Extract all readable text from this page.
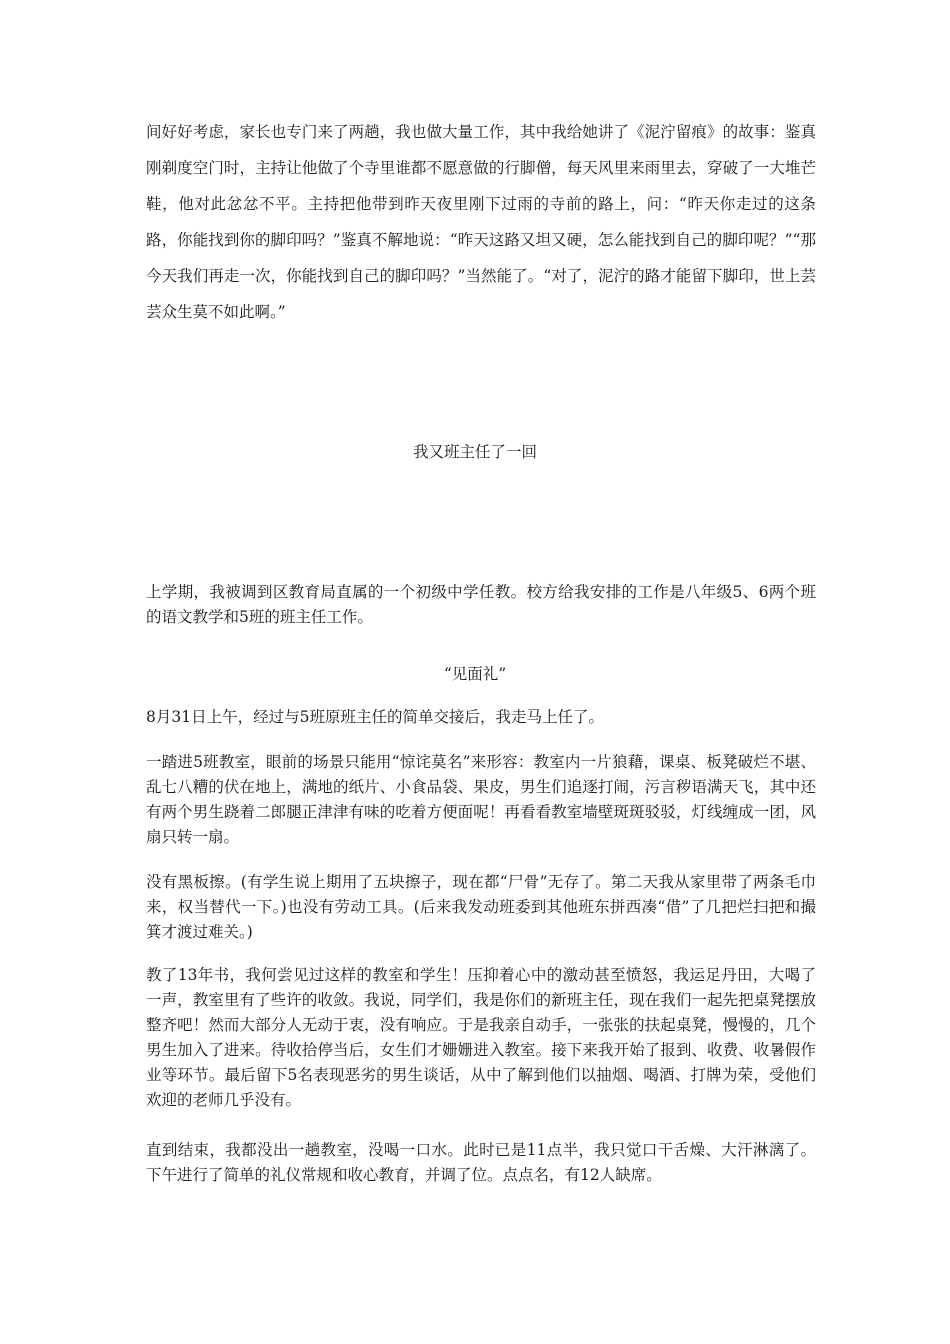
间好好考虑，家长也专门来了两趟，我也做大量工作，其中我给她讲了《泥泞留痕》的故事：鉴真刚剃度空门时，主持让他做了个寺里谁都不愿意做的行脚僧，每天风里来雨里去，穿破了一大堆芒鞋，他对此忿忿不平。主持把他带到昨天夜里刚下过雨的寺前的路上，问：“昨天你走过的这条路，你能找到你的脚印吗？”鉴真不解地说：“昨天这路又坦又硬，怎么能找到自己的脚印呢？”“那今天我们再走一次，你能找到自己的脚印吗？”当然能了。“对了，泥泞的路才能留下脚印，世上芸芸众生莫不如此啊。”

我又班主任了一回

上学期，我被调到区教育局直属的一个初级中学任教。校方给我安排的工作是八年级5、6两个班的语文教学和5班的班主任工作。

“见面礼”

8月31日上午，经过与5班原班主任的简单交接后，我走马上任了。

一踏进5班教室，眼前的场景只能用“惊诧莫名”来形容：教室内一片狼藉，课桌、板凳破烂不堪、乱七八糟的伏在地上，满地的纸片、小食品袋、果皮，男生们追逐打闹，污言秽语满天飞，其中还有两个男生跷着二郎腿正津津有味的吃着方便面呢！再看看教室墙壁斑斑驳驳，灯线缠成一团，风扇只转一扇。

没有黑板擦。(有学生说上期用了五块擦子，现在都“尸骨”无存了。第二天我从家里带了两条毛巾来，权当替代一下。)也没有劳动工具。(后来我发动班委到其他班东拼西凑“借”了几把烂扫把和撮箕才渡过难关。)

教了13年书，我何尝见过这样的教室和学生！压抑着心中的激动甚至愤怒，我运足丹田，大喝了一声，教室里有了些许的收敛。我说，同学们，我是你们的新班主任，现在我们一起先把桌凳摆放整齐吧！然而大部分人无动于衷，没有响应。于是我亲自动手，一张张的扶起桌凳，慢慢的，几个男生加入了进来。待收拾停当后，女生们才姗姗进入教室。接下来我开始了报到、收费、收暑假作业等环节。最后留下5名表现恶劣的男生谈话，从中了解到他们以抽烟、喝酒、打牌为荣，受他们欢迎的老师几乎没有。

直到结束，我都没出一趟教室，没喝一口水。此时已是11点半，我只觉口干舌燥、大汗淋漓了。下午进行了简单的礼仪常规和收心教育，并调了位。点点名，有12人缺席。
